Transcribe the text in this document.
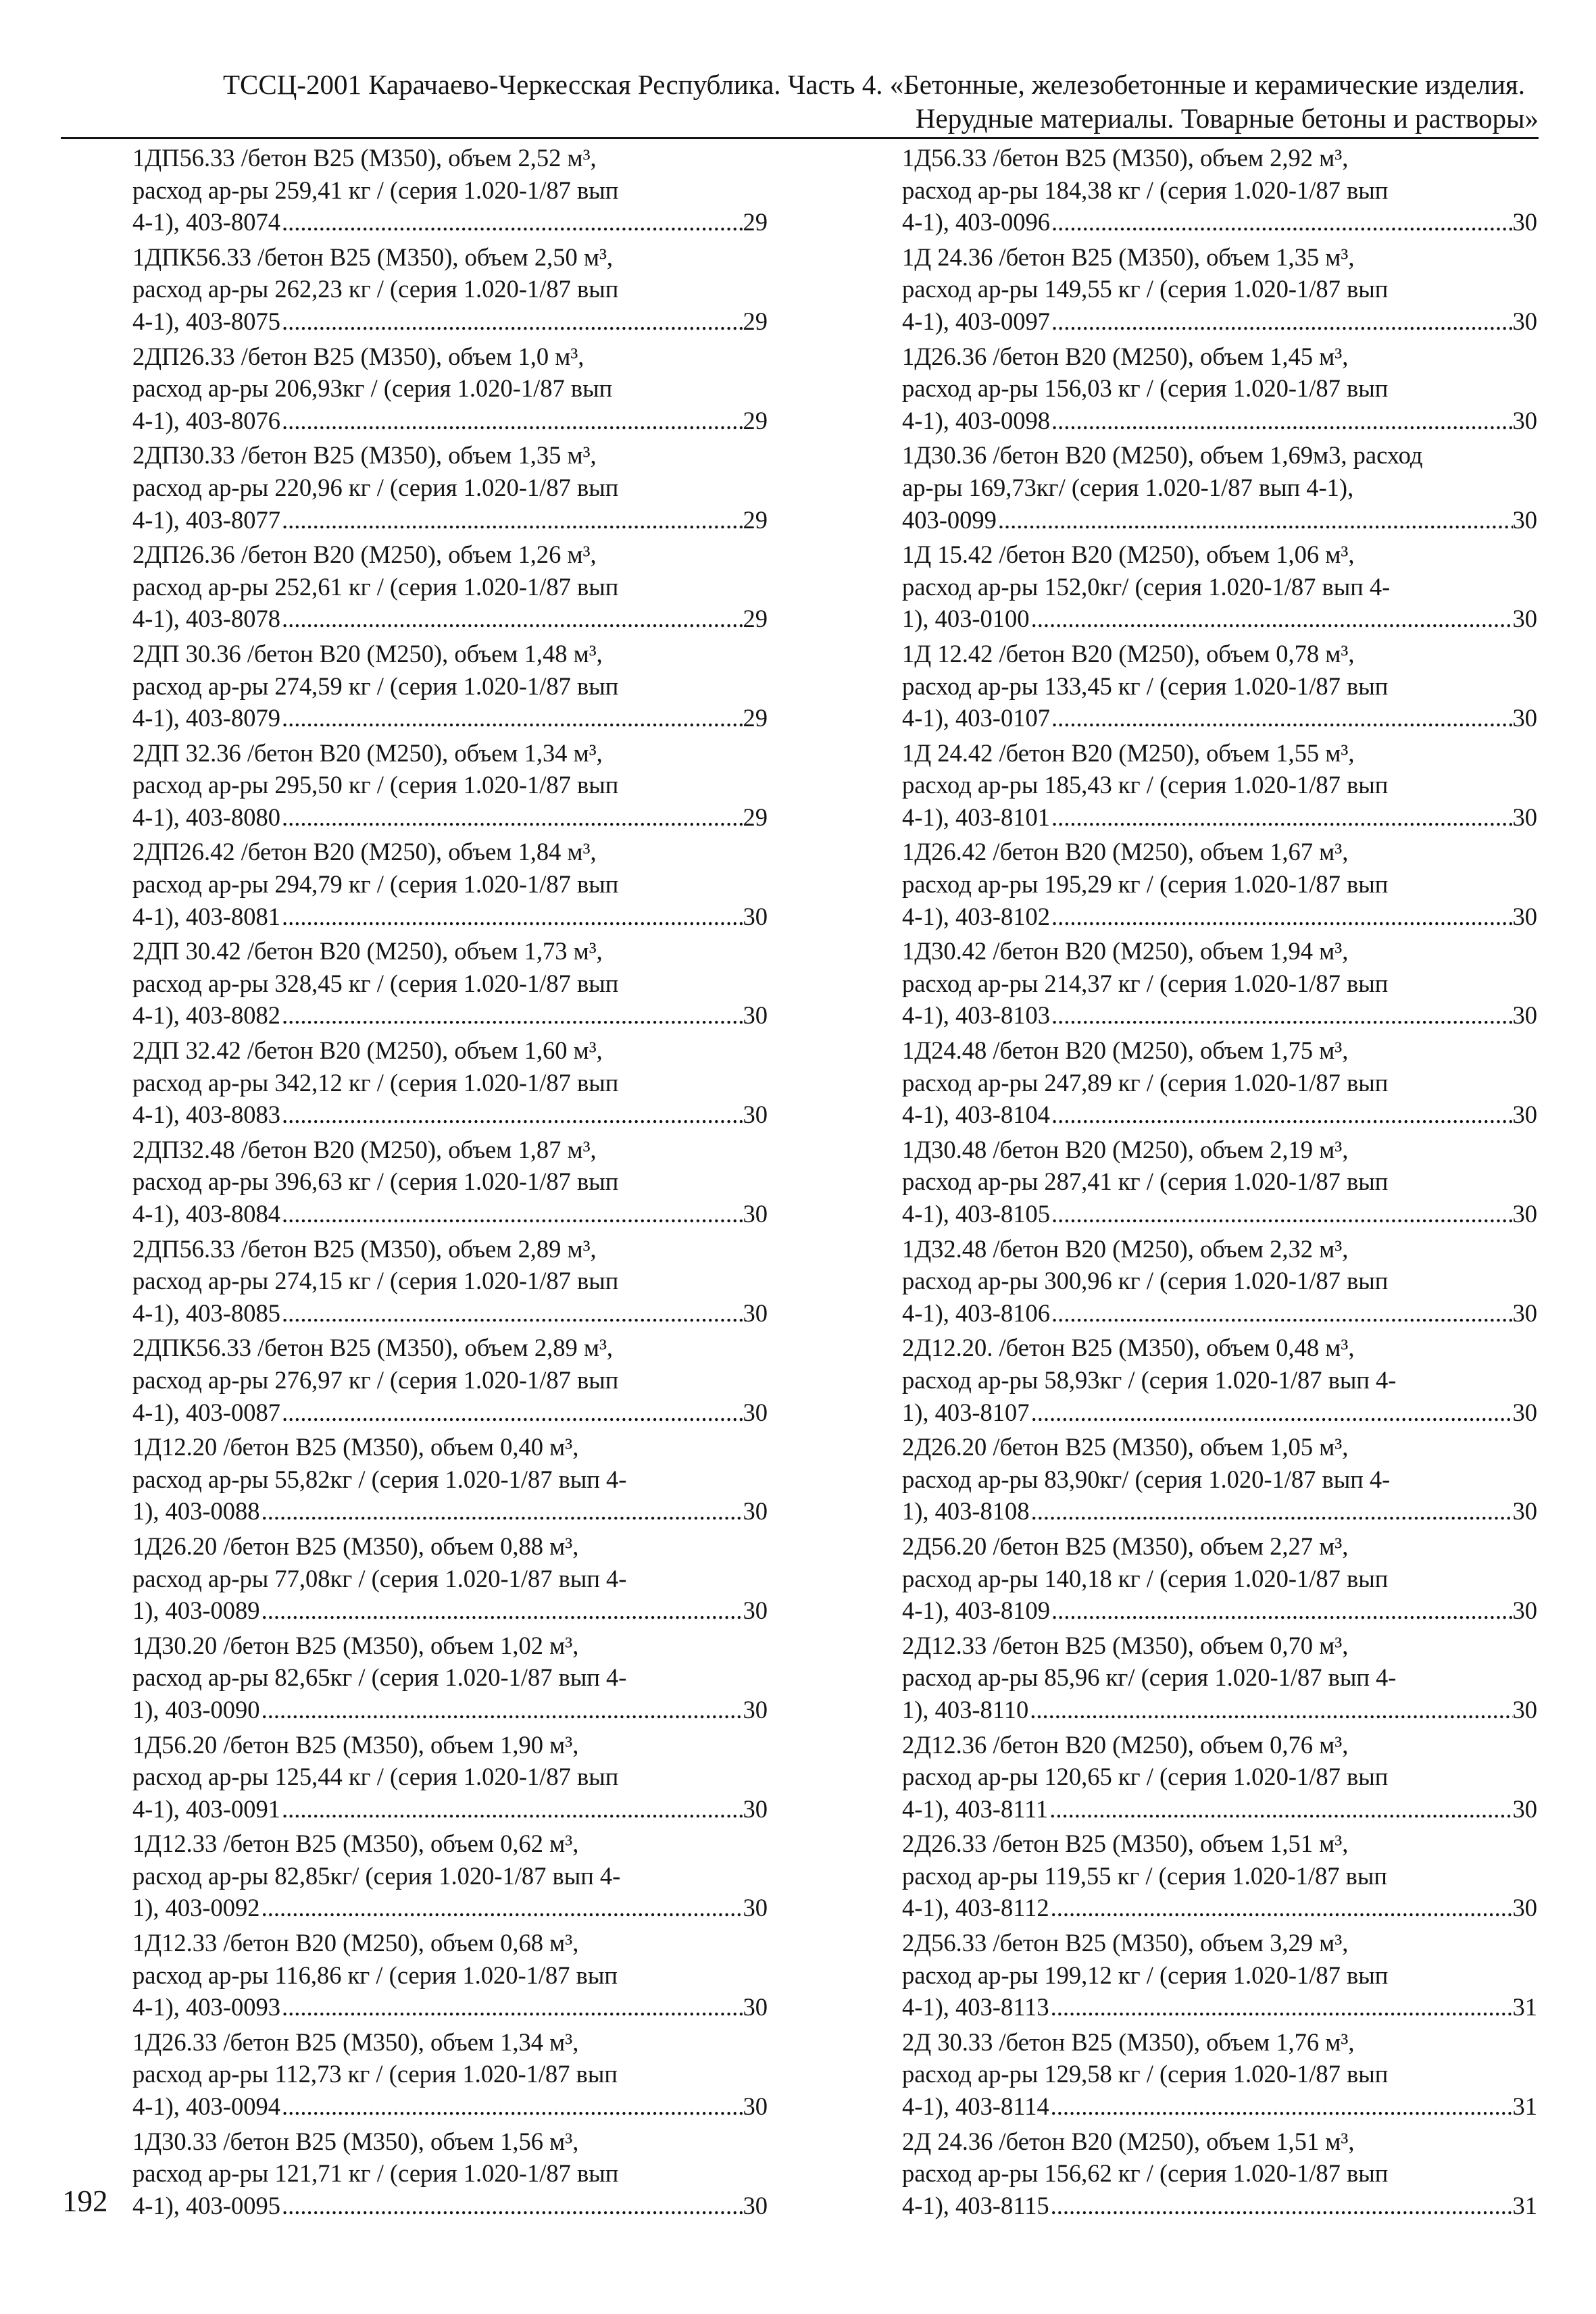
ТССЦ-2001 Карачаево-Черкесская Республика. Часть 4. «Бетонные, железобетонные и керамические изделия.
Нерудные материалы. Товарные бетоны и растворы»
1ДП56.33 /бетон В25 (М350), объем 2,52 м³,
расход ар-ры 259,41 кг / (серия 1.020-1/87 вып
4-1), 403-8074 .....	29
1ДПК56.33 /бетон В25 (М350), объем 2,50 м³,
расход ар-ры 262,23 кг / (серия 1.020-1/87 вып
4-1), 403-8075 .....	29
2ДП26.33 /бетон В25 (М350), объем 1,0 м³,
расход ар-ры 206,93кг / (серия 1.020-1/87 вып
4-1), 403-8076 .....	29
2ДП30.33 /бетон В25 (М350), объем 1,35 м³,
расход ар-ры 220,96 кг / (серия 1.020-1/87 вып
4-1), 403-8077 .....	29
2ДП26.36 /бетон В20 (М250), объем 1,26 м³,
расход ар-ры 252,61 кг / (серия 1.020-1/87 вып
4-1), 403-8078 .....	29
2ДП 30.36 /бетон В20 (М250), объем 1,48 м³,
расход ар-ры 274,59 кг / (серия 1.020-1/87 вып
4-1), 403-8079 .....	29
2ДП 32.36 /бетон В20 (М250), объем 1,34 м³,
расход ар-ры 295,50 кг / (серия 1.020-1/87 вып
4-1), 403-8080 .....	29
2ДП26.42 /бетон В20 (М250), объем 1,84 м³,
расход ар-ры 294,79 кг / (серия 1.020-1/87 вып
4-1), 403-8081 .....	30
2ДП 30.42 /бетон В20 (М250), объем 1,73 м³,
расход ар-ры 328,45 кг / (серия 1.020-1/87 вып
4-1), 403-8082 .....	30
2ДП 32.42 /бетон В20 (М250), объем 1,60 м³,
расход ар-ры 342,12 кг / (серия 1.020-1/87 вып
4-1), 403-8083 .....	30
2ДП32.48 /бетон В20 (М250), объем 1,87 м³,
расход ар-ры 396,63 кг / (серия 1.020-1/87 вып
4-1), 403-8084 .....	30
2ДП56.33 /бетон В25 (М350), объем 2,89 м³,
расход ар-ры 274,15 кг / (серия 1.020-1/87 вып
4-1), 403-8085 .....	30
2ДПК56.33 /бетон В25 (М350), объем 2,89 м³,
расход ар-ры 276,97 кг / (серия 1.020-1/87 вып
4-1), 403-0087 .....	30
1Д12.20 /бетон В25 (М350), объем 0,40 м³,
расход ар-ры 55,82кг / (серия 1.020-1/87 вып 4-
1), 403-0088 .....	30
1Д26.20 /бетон В25 (М350), объем 0,88 м³,
расход ар-ры 77,08кг / (серия 1.020-1/87 вып 4-
1), 403-0089 .....	30
1Д30.20 /бетон В25 (М350), объем 1,02 м³,
расход ар-ры 82,65кг / (серия 1.020-1/87 вып 4-
1), 403-0090 .....	30
1Д56.20 /бетон В25 (М350), объем 1,90 м³,
расход ар-ры 125,44 кг / (серия 1.020-1/87 вып
4-1), 403-0091 .....	30
1Д12.33 /бетон В25 (М350), объем 0,62 м³,
расход ар-ры 82,85кг/ (серия 1.020-1/87 вып 4-
1), 403-0092 .....	30
1Д12.33 /бетон В20 (М250), объем 0,68 м³,
расход ар-ры 116,86 кг / (серия 1.020-1/87 вып
4-1), 403-0093 .....	30
1Д26.33 /бетон В25 (М350), объем 1,34 м³,
расход ар-ры 112,73 кг / (серия 1.020-1/87 вып
4-1), 403-0094 .....	30
1Д30.33 /бетон В25 (М350), объем 1,56 м³,
расход ар-ры 121,71 кг / (серия 1.020-1/87 вып
4-1), 403-0095 .....	30
1Д56.33 /бетон В25 (М350), объем 2,92 м³,
расход ар-ры 184,38 кг / (серия 1.020-1/87 вып
4-1), 403-0096 .....	30
1Д 24.36 /бетон В25 (М350), объем 1,35 м³,
расход ар-ры 149,55 кг / (серия 1.020-1/87 вып
4-1), 403-0097 .....	30
1Д26.36 /бетон В20 (М250), объем 1,45 м³,
расход ар-ры 156,03 кг / (серия 1.020-1/87 вып
4-1), 403-0098 .....	30
1Д30.36 /бетон В20 (М250), объем 1,69м3, расход
ар-ры 169,73кг/ (серия 1.020-1/87 вып 4-1),
403-0099 .....	30
1Д 15.42 /бетон В20 (М250), объем 1,06 м³,
расход ар-ры 152,0кг/ (серия 1.020-1/87 вып 4-
1), 403-0100 .....	30
1Д 12.42 /бетон В20 (М250), объем 0,78 м³,
расход ар-ры 133,45 кг / (серия 1.020-1/87 вып
4-1), 403-0107 .....	30
1Д 24.42 /бетон В20 (М250), объем 1,55 м³,
расход ар-ры 185,43 кг / (серия 1.020-1/87 вып
4-1), 403-8101 .....	30
1Д26.42 /бетон В20 (М250), объем 1,67 м³,
расход ар-ры 195,29 кг / (серия 1.020-1/87 вып
4-1), 403-8102 .....	30
1Д30.42 /бетон В20 (М250), объем 1,94 м³,
расход ар-ры 214,37 кг / (серия 1.020-1/87 вып
4-1), 403-8103 .....	30
1Д24.48 /бетон В20 (М250), объем 1,75 м³,
расход ар-ры 247,89 кг / (серия 1.020-1/87 вып
4-1), 403-8104 .....	30
1Д30.48 /бетон В20 (М250), объем 2,19 м³,
расход ар-ры 287,41 кг / (серия 1.020-1/87 вып
4-1), 403-8105 .....	30
1Д32.48 /бетон В20 (М250), объем 2,32 м³,
расход ар-ры 300,96 кг / (серия 1.020-1/87 вып
4-1), 403-8106 .....	30
2Д12.20. /бетон В25 (М350), объем 0,48 м³,
расход ар-ры 58,93кг / (серия 1.020-1/87 вып 4-
1), 403-8107 .....	30
2Д26.20 /бетон В25 (М350), объем 1,05 м³,
расход ар-ры 83,90кг/ (серия 1.020-1/87 вып 4-
1), 403-8108 .....	30
2Д56.20 /бетон В25 (М350), объем 2,27 м³,
расход ар-ры 140,18 кг / (серия 1.020-1/87 вып
4-1), 403-8109 .....	30
2Д12.33 /бетон В25 (М350), объем 0,70 м³,
расход ар-ры 85,96 кг/ (серия 1.020-1/87 вып 4-
1), 403-8110 .....	30
2Д12.36 /бетон В20 (М250), объем 0,76 м³,
расход ар-ры 120,65 кг / (серия 1.020-1/87 вып
4-1), 403-8111 .....	30
2Д26.33 /бетон В25 (М350), объем 1,51 м³,
расход ар-ры 119,55 кг / (серия 1.020-1/87 вып
4-1), 403-8112 .....	30
2Д56.33 /бетон В25 (М350), объем 3,29 м³,
расход ар-ры 199,12 кг / (серия 1.020-1/87 вып
4-1), 403-8113 .....	31
2Д 30.33 /бетон В25 (М350), объем 1,76 м³,
расход ар-ры 129,58 кг / (серия 1.020-1/87 вып
4-1), 403-8114 .....	31
2Д 24.36 /бетон В20 (М250), объем 1,51 м³,
расход ар-ры 156,62 кг / (серия 1.020-1/87 вып
4-1), 403-8115 .....	31
192
